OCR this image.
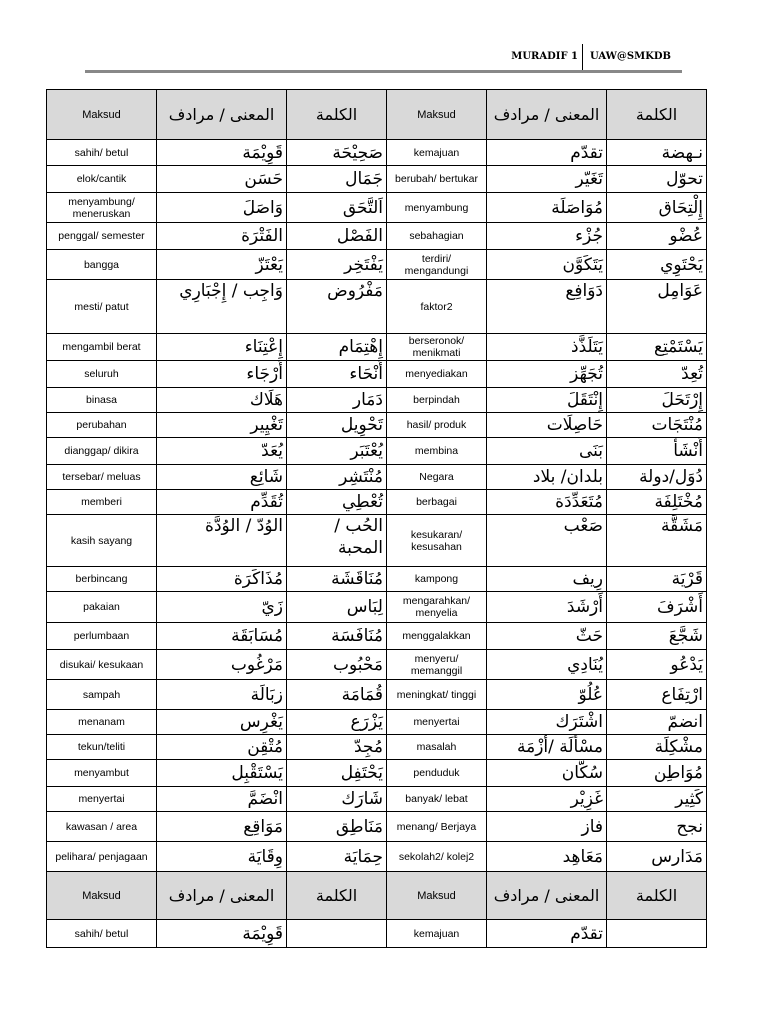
MURADIF 1 UAW@SMKDB
Maksud	المعنى / مرادف	الكلمة	Maksud	المعنى / مرادف	الكلمة
sahih/ betul	قَوِيْمَة	صَحِيْحَة	kemajuan	تقدّم	نـهضة
elok/cantik	حَسَن	جَمَال	berubah/ bertukar	تَغَيّر	تحوّل
menyambung/ meneruskan	وَاصَلَ	اَلتَّحَق	menyambung	مُوَاصَلَة	إِلْتِحَاق
penggal/ semester	الفَتْرَة	الفَصْل	sebahagian	جُزْء	عُضْو
bangga	يَعْتَزّ	يَفْتَخِر	terdiri/ mengandungi	يَتَكَوَّن	يَحْتَوِي
mesti/ patut	وَاجِب / إِجْبَارِي	مَفْرُوض	faktor2	دَوَافِع	عَوَامِل
mengambil berat	إِعْتِنَاء	إِهْتِمَام	berseronok/ menikmati	يَتَلَذَّذ	يَسْتَمْتِع
seluruh	أَرْجَاء	أَنْحَاء	menyediakan	تُجَهِّز	تُعِدّ
binasa	هَلَاك	دَمَار	berpindah	إِنْتَقَلَ	إِرْتَحَلَ
perubahan	تَغْيِير	تَحْوِيل	hasil/ produk	حَاصِلَات	مُنْتَجَات
dianggap/ dikira	يُعَدّ	يُعْتَبَر	membina	بَنَى	أَنْشَأَ
tersebar/ meluas	شَائِع	مُنْتَشِر	Negara	بلدان/ بلاد	دُوَل/دولة
memberi	تُقَدِّم	تُعْطِي	berbagai	مُتَعَدِّدَة	مُخْتَلِفَة
kasih sayang	الوُدّ / الوُدَّة	الحُب /المحبة	kesukaran/ kesusahan	صَعْب	مَشَقَّة
berbincang	مُذَاكَرَة	مُنَاقَشَة	kampong	رِيف	قَرْيَة
pakaian	زَيّ	لِبَاس	mengarahkan/ menyelia	أَرْشَدَ	أَشْرَفَ
perlumbaan	مُسَابَقَة	مُنَافَسَة	menggalakkan	حَثّ	شَجَّعَ
disukai/ kesukaan	مَرْغُوب	مَحْبُوب	menyeru/ memanggil	يُنَادِي	يَدْعُو
sampah	زبَالَة	قُمَامَة	meningkat/ tinggi	عُلُوّ	ارْتِفَاع
menanam	يَغْرِس	يَزْرَع	menyertai	اشْتَرَك	انضمّ
tekun/teliti	مُتْقِن	مُجِدّ	masalah	مسْأَلَة /أَزْمَة	مشْكِلَة
menyambut	يَسْتَقْبِل	يَحْتَفِل	penduduk	سُكَّان	مُوَاطِن
menyertai	انْضَمَّ	شَارَك	banyak/ lebat	غَزِيْر	كَثِير
kawasan / area	مَوَاقِع	مَنَاطِق	menang/ Berjaya	فاز	نجح
pelihara/ penjagaan	وِقَايَة	حِمَايَة	sekolah2/ kolej2	مَعَاهِد	مَدَارس
Maksud	المعنى / مرادف	الكلمة	Maksud	المعنى / مرادف	الكلمة
sahih/ betul	قَوِيْمَة		kemajuan	تقدّم	
